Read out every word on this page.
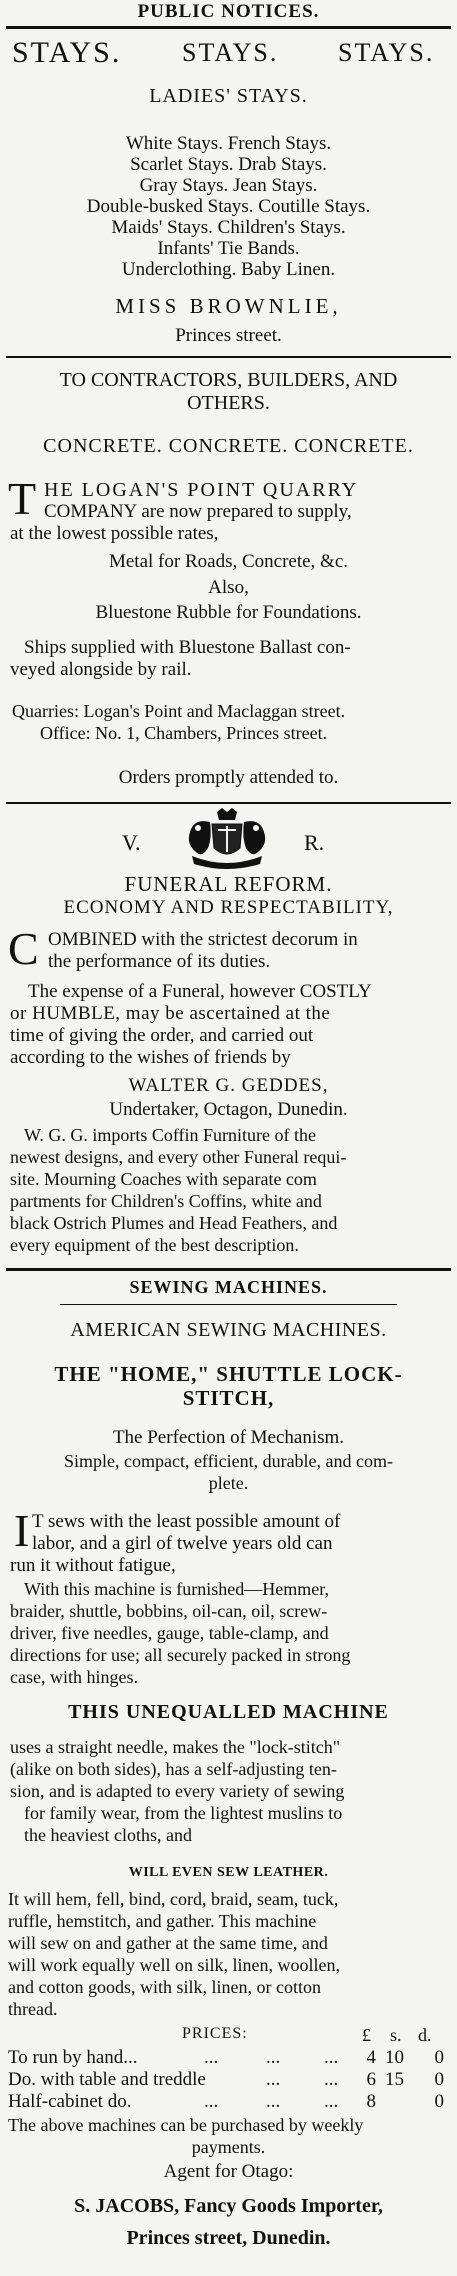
PUBLIC NOTICES.
STAYS. STAYS. STAYS.
LADIES' STAYS.
White Stays. French Stays.
Scarlet Stays. Drab Stays.
Gray Stays. Jean Stays.
Double-busked Stays. Coutille Stays.
Maids' Stays. Children's Stays.
Infants' Tie Bands.
Underclothing. Baby Linen.
MISS BROWNLIE,
Princes street.
TO CONTRACTORS, BUILDERS, AND
OTHERS.
CONCRETE. CONCRETE. CONCRETE.
T HE LOGAN'S POINT QUARRY
COMPANY are now prepared to supply,
at the lowest possible rates,
Metal for Roads, Concrete, &c.
Also,
Bluestone Rubble for Foundations.
Ships supplied with Bluestone Ballast con-
veyed alongside by rail.
Quarries: Logan's Point and Maclaggan street.
Office: No. 1, Chambers, Princes street.
Orders promptly attended to.
V.	R.
FUNERAL REFORM.
ECONOMY AND RESPECTABILITY,
C OMBINED with the strictest decorum in
the performance of its duties.
The expense of a Funeral, however COSTLY
or HUMBLE, may be ascertained at the
time of giving the order, and carried out
according to the wishes of friends by
WALTER G. GEDDES,
Undertaker, Octagon, Dunedin.
W. G. G. imports Coffin Furniture of the
newest designs, and every other Funeral requi-
site. Mourning Coaches with separate com
partments for Children's Coffins, white and
black Ostrich Plumes and Head Feathers, and
every equipment of the best description.
SEWING MACHINES.
AMERICAN SEWING MACHINES.
THE "HOME," SHUTTLE LOCK-
STITCH,
The Perfection of Mechanism.
Simple, compact, efficient, durable, and com-
plete.
I T sews with the least possible amount of
labor, and a girl of twelve years old can
run it without fatigue,
With this machine is furnished—Hemmer,
braider, shuttle, bobbins, oil-can, oil, screw-
driver, five needles, gauge, table-clamp, and
directions for use; all securely packed in strong
case, with hinges.
THIS UNEQUALLED MACHINE
uses a straight needle, makes the "lock-stitch"
(alike on both sides), has a self-adjusting ten-
sion, and is adapted to every variety of sewing
for family wear, from the lightest muslins to
the heaviest cloths, and
WILL EVEN SEW LEATHER.
It will hem, fell, bind, cord, braid, seam, tuck,
ruffle, hemstitch, and gather. This machine
will sew on and gather at the same time, and
will work equally well on silk, linen, woollen,
and cotton goods, with silk, linen, or cotton
thread.
PRICES:	£ s. d.
To run by hand...	...	... ...	4 10	0
Do. with table and treddle	... ...	6 15	0
Half-cabinet do.	...	... ...	8	0
The above machines can be purchased by weekly
payments.
Agent for Otago:
S. JACOBS, Fancy Goods Importer,
Princes street, Dunedin.
